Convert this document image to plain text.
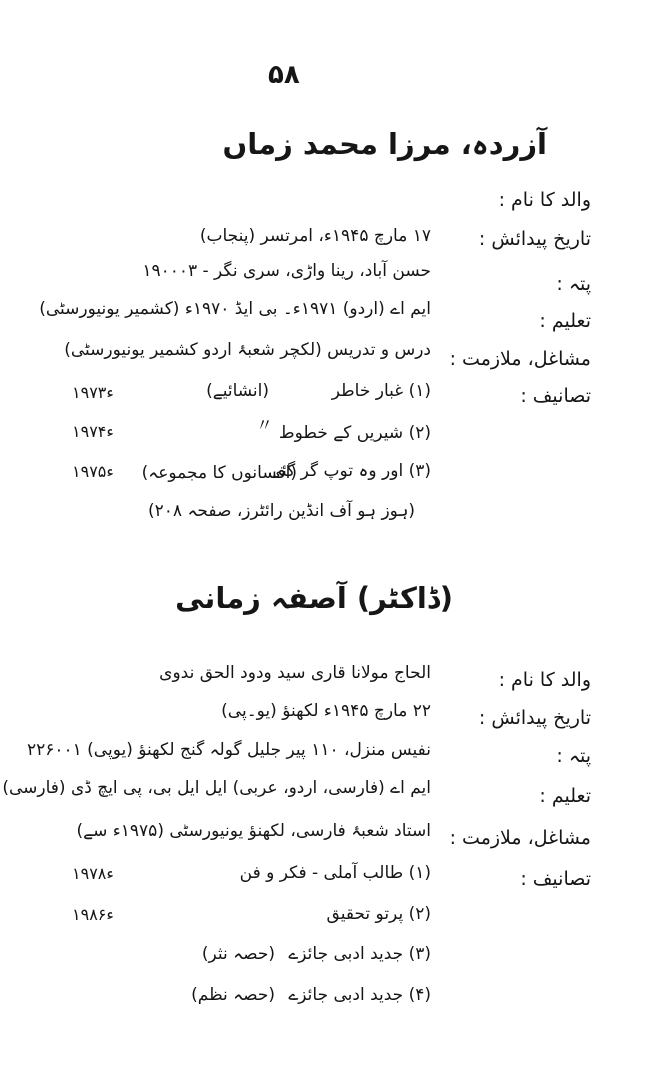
۵۸
آزردہ، مرزا محمد زماں
والد کا نام :
تاریخ پیدائش :
۱۷ مارچ ۱۹۴۵ء، امرتسر (پنجاب)
پتہ :
حسن آباد، رینا واڑی، سری نگر - ۱۹۰۰۰۳
تعلیم :
ایم اے (اردو) ۱۹۷۱ء۔ بی ایڈ ۱۹۷۰ء (کشمیر یونیورسٹی)
مشاغل، ملازمت :
درس و تدریس (لکچر شعبۂ اردو کشمیر یونیورسٹی)
تصانیف :
(۱) غبار خاطر
(انشائیے)
۱۹۷۳ء
(۲) شیریں کے خطوط
〃
۱۹۷۴ء
(۳) اور وہ توپ گر گئی
(افسانوں کا مجموعہ)
۱۹۷۵ء
(ہوز ہو آف انڈین رائٹرز، صفحہ ۲۰۸)
(ڈاکٹر) آصفہ زمانی
والد کا نام :
الحاج مولانا قاری سید ودود الحق ندوی
تاریخ پیدائش :
۲۲ مارچ ۱۹۴۵ء لکھنؤ (یو۔پی)
پتہ :
نفیس منزل، ۱۱۰ پیر جلیل گولہ گنج لکھنؤ (یوپی) ۲۲۶۰۰۱
تعلیم :
ایم اے (فارسی، اردو، عربی) ایل ایل بی، پی ایچ ڈی (فارسی)
مشاغل، ملازمت :
استاد شعبۂ فارسی، لکھنؤ یونیورسٹی (۱۹۷۵ء سے)
تصانیف :
(۱) طالب آملی - فکر و فن
۱۹۷۸ء
(۲) پرتو تحقیق
۱۹۸۶ء
(۳) جدید ادبی جائزے
(حصہ نثر)
(۴) جدید ادبی جائزے
(حصہ نظم)
